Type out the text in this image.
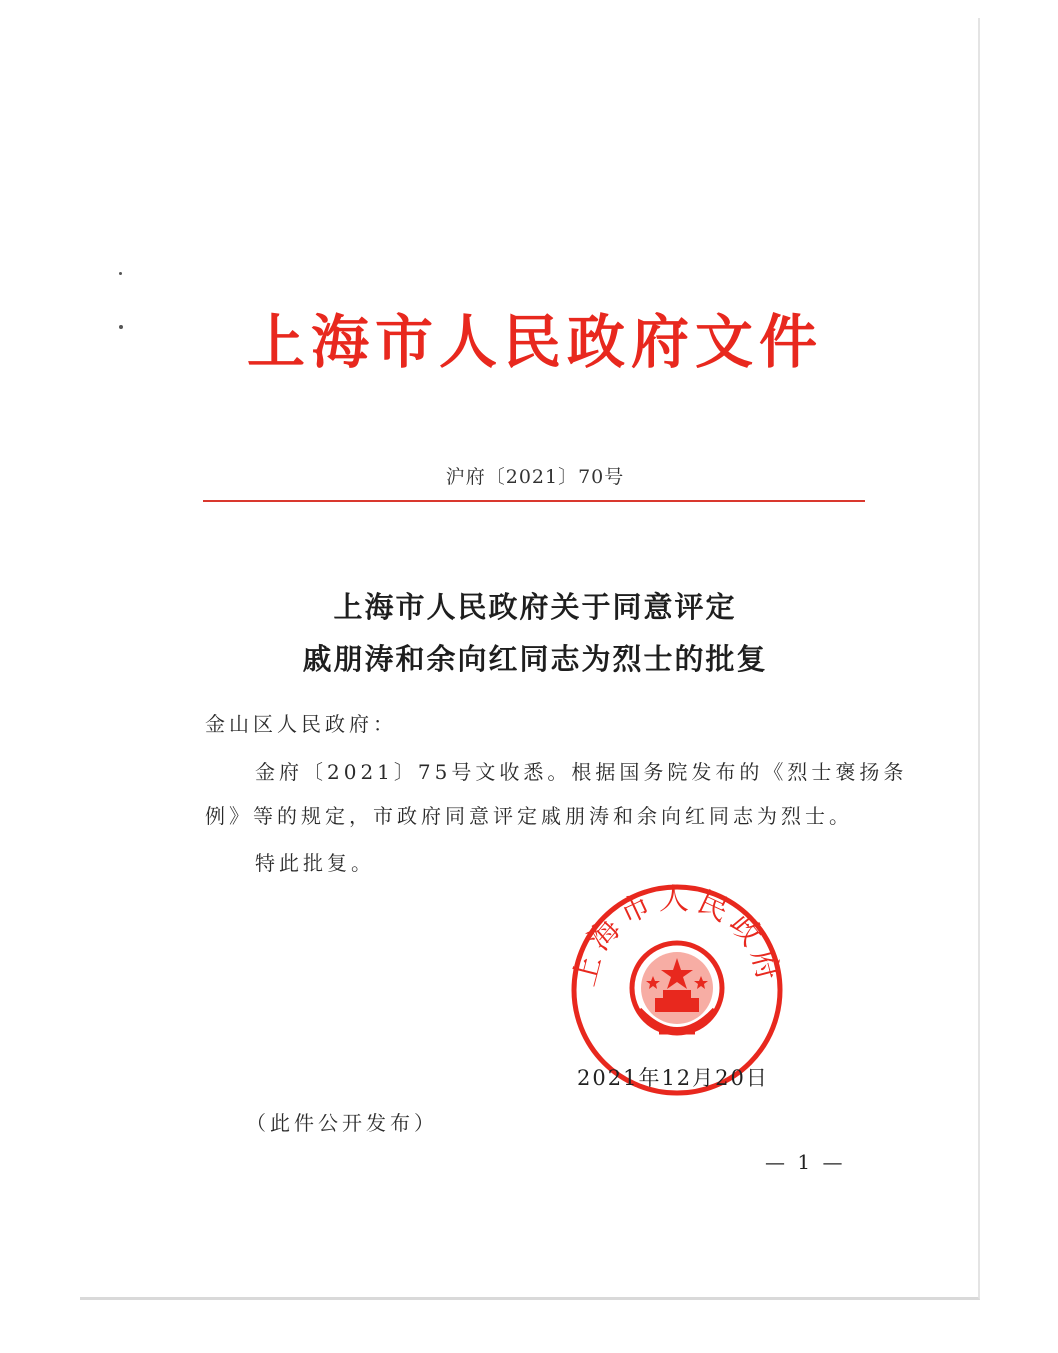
上海市人民政府文件
沪府〔2021〕70号
上海市人民政府关于同意评定
戚朋涛和余向红同志为烈士的批复
金山区人民政府：
金府〔2021〕75号文收悉。根据国务院发布的《烈士褒扬条
例》等的规定，市政府同意评定戚朋涛和余向红同志为烈士。
特此批复。
上海市人民政府
2021年12月20日
（此件公开发布）
— 1 —
